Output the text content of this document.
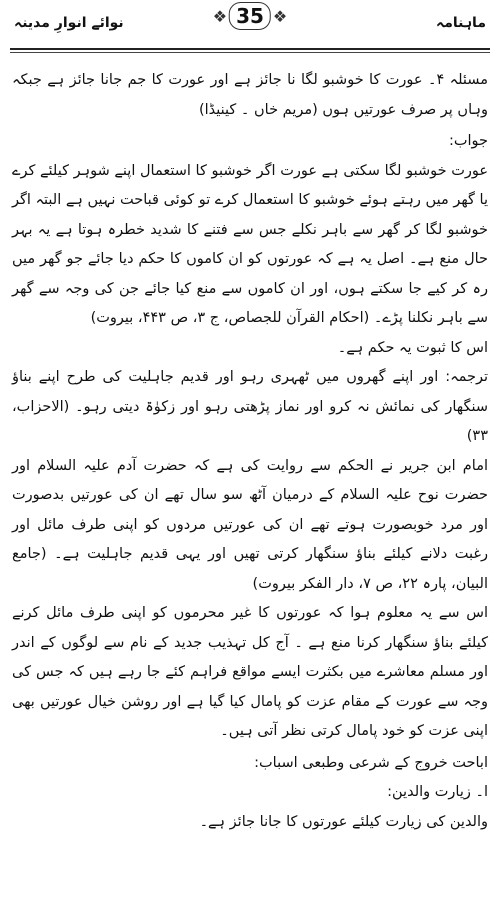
ماہنامہ
نوائے انوارِ مدینہ	❖ 35 ❖

مسئلہ ۴۔ عورت کا خوشبو لگا نا جائز ہے اور عورت کا جم جانا جائز ہے جبکہ وہاں پر صرف عورتیں ہوں (مریم خاں ۔ کینیڈا)

جواب:

عورت خوشبو لگا سکتی ہے عورت اگر خوشبو کا استعمال اپنے شوہر کیلئے کرے یا گھر میں رہتے ہوئے خوشبو کا استعمال کرے تو کوئی قباحت نہیں ہے البتہ اگر خوشبو لگا کر گھر سے باہر نکلے جس سے فتنے کا شدید خطرہ ہوتا ہے یہ بہر حال منع ہے۔ اصل یہ ہے کہ عورتوں کو ان کاموں کا حکم دیا جائے جو گھر میں رہ کر کیے جا سکتے ہوں، اور ان کاموں سے منع کیا جائے جن کی وجہ سے گھر سے باہر نکلنا پڑے۔ (احکام القرآن للجصاص، ج ۳، ص ۴۴۳، بیروت)

اس کا ثبوت یہ حکم ہے۔

ترجمہ: اور اپنے گھروں میں ٹھہری رہو اور قدیم جاہلیت کی طرح اپنے بناؤ سنگھار کی نمائش نہ کرو اور نماز پڑھتی رہو اور زکوٰۃ دیتی رہو۔ (الاحزاب، ۳۳)

امام ابن جریر نے الحکم سے روایت کی ہے کہ حضرت آدم علیہ السلام اور حضرت نوح علیہ السلام کے درمیان آٹھ سو سال تھے ان کی عورتیں بدصورت اور مرد خوبصورت ہوتے تھے ان کی عورتیں مردوں کو اپنی طرف مائل اور رغبت دلانے کیلئے بناؤ سنگھار کرتی تھیں اور یہی قدیم جاہلیت ہے۔ (جامع البیان، پارہ ۲۲، ص ۷، دار الفکر بیروت)

اس سے یہ معلوم ہوا کہ عورتوں کا غیر محرموں کو اپنی طرف مائل کرنے کیلئے بناؤ سنگھار کرنا منع ہے ۔ آج کل تہذیب جدید کے نام سے لوگوں کے اندر اور مسلم معاشرے میں بکثرت ایسے مواقع فراہم کئے جا رہے ہیں کہ جس کی وجہ سے عورت کے مقام عزت کو پامال کیا گیا ہے اور روشن خیال عورتیں بھی اپنی عزت کو خود پامال کرتی نظر آتی ہیں۔

اباحت خروج کے شرعی وطبعی اسباب:

ا۔ زیارت والدین:

والدین کی زیارت کیلئے عورتوں کا جانا جائز ہے۔
